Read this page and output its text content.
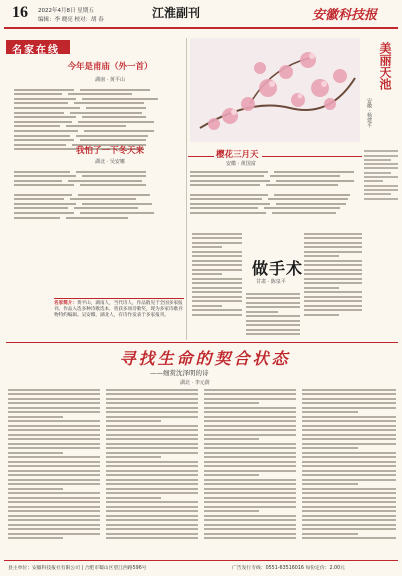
16 2022年4月8日 星期五
编辑：李 晓亮 校对：胡 春	江淮副刊	安徽科技报
美丽天池
安徽 · 杨建平
名家在线
今年是甫庙（外一首）
湖南 · 黄平山
我怕了一下冬天来
湖北 · 吴安娜
樱花三月天
安徽 · 黄国富
名家简介：黄平山，湖南人，当代诗人，作品散见于全国多家报刊。作品入选多种诗歌选本，曾获多项诗歌奖，现为多家诗歌刊物特约编辑。吴安娜，湖北人，有诗作发表于多家报刊。
做手术
甘肃 · 陈泉平
寻找生命的契合状态
——细赏沈泽明的诗
湖北 · 李元蔚
县主单位：安徽科技报社有限公司 | 合肥市蜀山区望江西路596号	广告发行专线：0551-63516016 每份定价：2.00元
